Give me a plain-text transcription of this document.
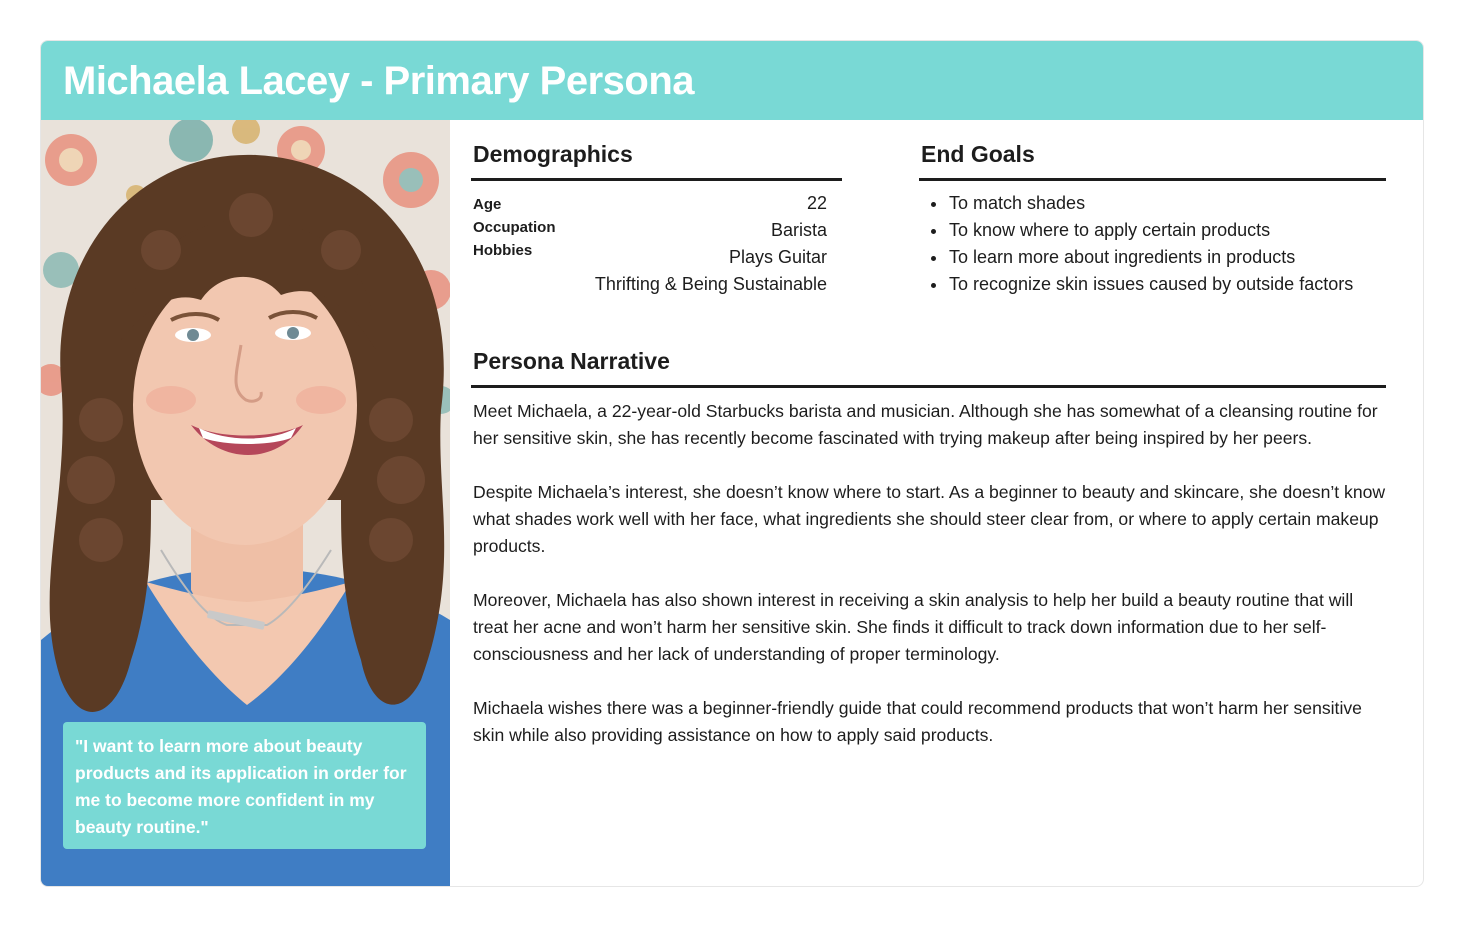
Michaela Lacey - Primary Persona
"I want to learn more about beauty products and its application in order for me to become more confident in my beauty routine."
Demographics
Age
Occupation
Hobbies
22
Barista
Plays Guitar
Thrifting & Being Sustainable
End Goals
To match shades
To know where to apply certain products
To learn more about ingredients in products
To recognize skin issues caused by outside factors
Persona Narrative

Meet Michaela, a 22-year-old Starbucks barista and musician. Although she has somewhat of a cleansing routine for her sensitive skin, she has recently become fascinated with trying makeup after being inspired by her peers.

Despite Michaela’s interest, she doesn’t know where to start. As a beginner to beauty and skincare, she doesn’t know what shades work well with her face, what ingredients she should steer clear from, or where to apply certain makeup products.

Moreover, Michaela has also shown interest in receiving a skin analysis to help her build a beauty routine that will treat her acne and won’t harm her sensitive skin. She finds it difficult to track down information due to her self-consciousness and her lack of understanding of proper terminology.

Michaela wishes there was a beginner-friendly guide that could recommend products that won’t harm her sensitive skin while also providing assistance on how to apply said products.
